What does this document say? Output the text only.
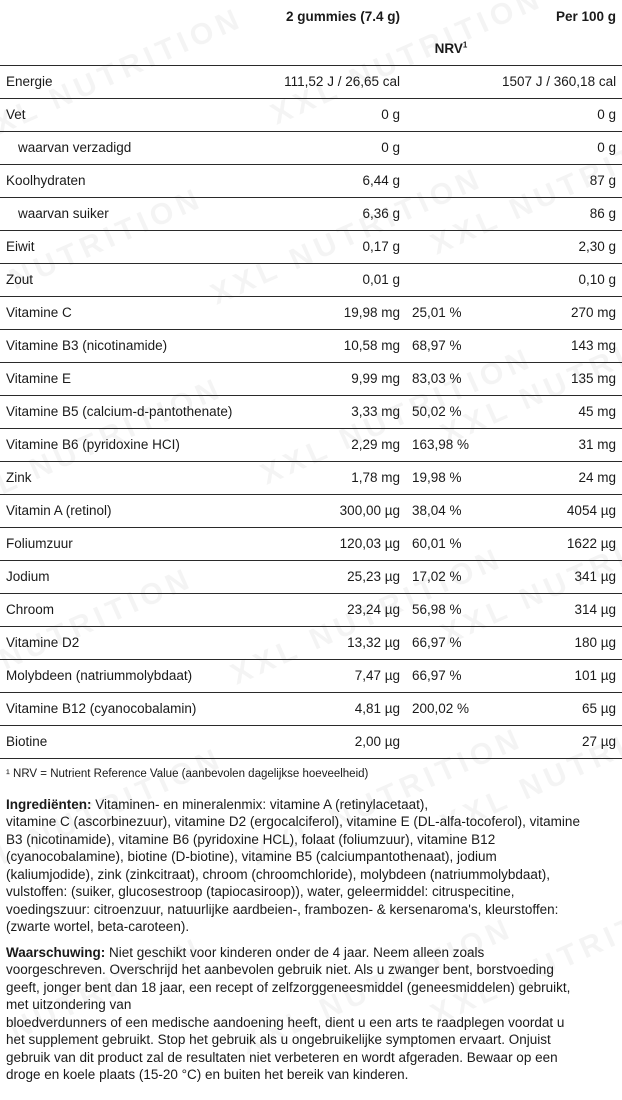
	2 gummies (7.4 g)		Per 100 g
		NRV$^1$	
Energie	111,52 J / 26,65 cal		1507 J / 360,18 cal
Vet	0 g		0 g
waarvan verzadigd	0 g		0 g
Koolhydraten	6,44 g		87 g
waarvan suiker	6,36 g		86 g
Eiwit	0,17 g		2,30 g
Zout	0,01 g		0,10 g
Vitamine C	19,98 mg	25,01 %	270 mg
Vitamine B3 (nicotinamide)	10,58 mg	68,97 %	143 mg
Vitamine E	9,99 mg	83,03 %	135 mg
Vitamine B5 (calcium-d-pantothenate)	3,33 mg	50,02 %	45 mg
Vitamine B6 (pyridoxine HCI)	2,29 mg	163,98 %	31 mg
Zink	1,78 mg	19,98 %	24 mg
Vitamin A (retinol)	300,00 µg	38,04 %	4054 µg
Foliumzuur	120,03 µg	60,01 %	1622 µg
Jodium	25,23 µg	17,02 %	341 µg
Chroom	23,24 µg	56,98 %	314 µg
Vitamine D2	13,32 µg	66,97 %	180 µg
Molybdeen (natriummolybdaat)	7,47 µg	66,97 %	101 µg
Vitamine B12 (cyanocobalamin)	4,81 µg	200,02 %	65 µg
Biotine	2,00 µg		27 µg
¹ NRV = Nutrient Reference Value (aanbevolen dagelijkse hoeveelheid)
Ingrediënten: Vitaminen- en mineralenmix: vitamine A (retinylacetaat),
vitamine C (ascorbinezuur), vitamine D2 (ergocalciferol), vitamine E (DL-alfa-tocoferol), vitamine
B3 (nicotinamide), vitamine B6 (pyridoxine HCL), folaat (foliumzuur), vitamine B12
(cyanocobalamine), biotine (D-biotine), vitamine B5 (calciumpantothenaat), jodium
(kaliumjodide), zink (zinkcitraat), chroom (chroomchloride), molybdeen (natriummolybdaat),
vulstoffen: (suiker, glucosestroop (tapiocasiroop)), water, geleermiddel: citruspecitine,
voedingszuur: citroenzuur, natuurlijke aardbeien-, frambozen- & kersenaroma's, kleurstoffen:
(zwarte wortel, beta-caroteen).
Waarschuwing: Niet geschikt voor kinderen onder de 4 jaar. Neem alleen zoals
voorgeschreven. Overschrijd het aanbevolen gebruik niet. Als u zwanger bent, borstvoeding
geeft, jonger bent dan 18 jaar, een recept of zelfzorggeneesmiddel (geneesmiddelen) gebruikt,
met uitzondering van
bloedverdunners of een medische aandoening heeft, dient u een arts te raadplegen voordat u
het supplement gebruikt. Stop het gebruik als u ongebruikelijke symptomen ervaart. Onjuist
gebruik van dit product zal de resultaten niet verbeteren en wordt afgeraden. Bewaar op een
droge en koele plaats (15-20 °C) en buiten het bereik van kinderen.
